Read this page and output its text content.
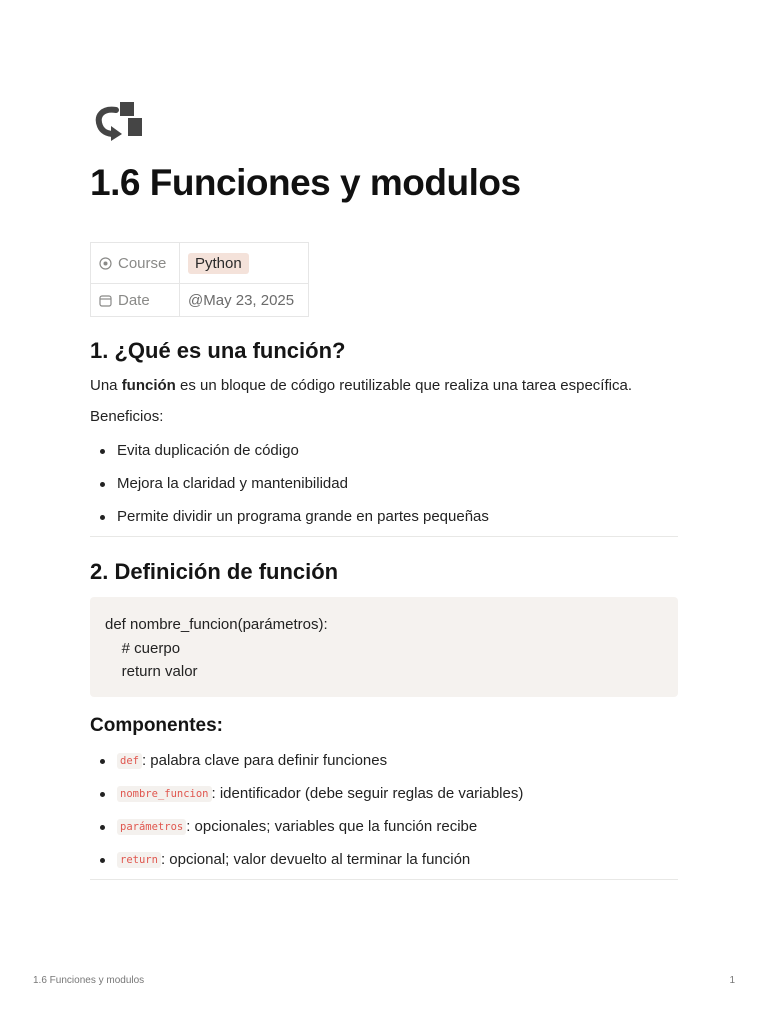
1.6 Funciones y modulos
Course	Python
Date	@May 23, 2025
1. ¿Qué es una función?
Una función es un bloque de código reutilizable que realiza una tarea específica.
Beneficios:
Evita duplicación de código
Mejora la claridad y mantenibilidad
Permite dividir un programa grande en partes pequeñas
2. Definición de función
def nombre_funcion(parámetros):
# cuerpo
return valor
Componentes:
def : palabra clave para definir funciones
nombre_funcion : identificador (debe seguir reglas de variables)
parámetros : opcionales; variables que la función recibe
return : opcional; valor devuelto al terminar la función
1.6 Funciones y modulos	1
